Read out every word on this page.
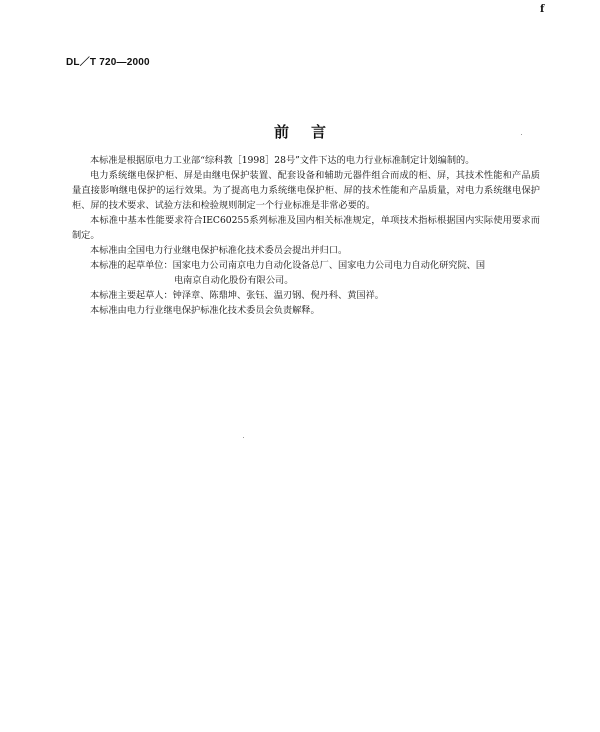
f
DL／T 720—2000
前言

本标准是根据原电力工业部“综科教［1998］28号”文件下达的电力行业标准制定计划编制的。

电力系统继电保护柜、屏是由继电保护装置、配套设备和辅助元器件组合而成的柜、屏，其技术性能和产品质量直接影响继电保护的运行效果。为了提高电力系统继电保护柜、屏的技术性能和产品质量，对电力系统继电保护柜、屏的技术要求、试验方法和检验规则制定一个行业标准是非常必要的。

本标准中基本性能要求符合IEC60255系列标准及国内相关标准规定，单项技术指标根据国内实际使用要求而制定。

本标准由全国电力行业继电保护标准化技术委员会提出并归口。

本标准的起草单位：国家电力公司南京电力自动化设备总厂、国家电力公司电力自动化研究院、国

电南京自动化股份有限公司。

本标准主要起草人：钟泽章、陈鼎坤、张钰、温刃钢、倪丹科、黄国祥。

本标准由电力行业继电保护标准化技术委员会负责解释。
